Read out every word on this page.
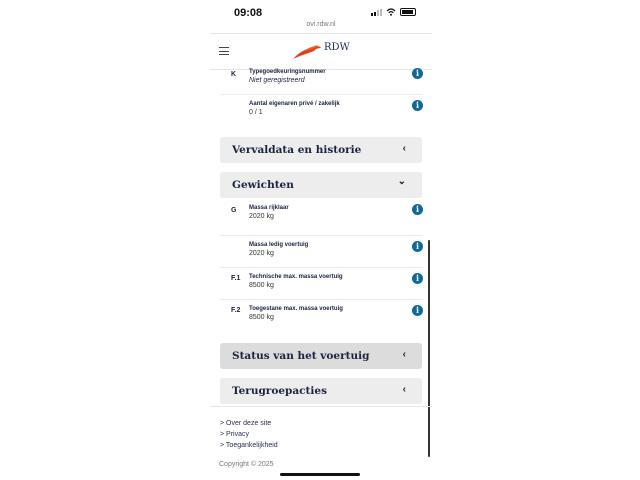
09:08
ovi.rdw.nl
RDW
K Typegoedkeuringsnummer
Niet geregistreerd
i
Aantal eigenaren privé / zakelijk
0 / 1
i
Vervaldata en historie	‹
Gewichten	⌄
G Massa rijklaar
2020 kg
i
Massa ledig voertuig
2020 kg
i
F.1 Technische max. massa voertuig
8500 kg
i
F.2 Toegestane max. massa voertuig
8500 kg
i
Status van het voertuig	‹
Terugroepacties	‹
> Over deze site
> Privacy
> Toegankelijkheid
Copyright © 2025
